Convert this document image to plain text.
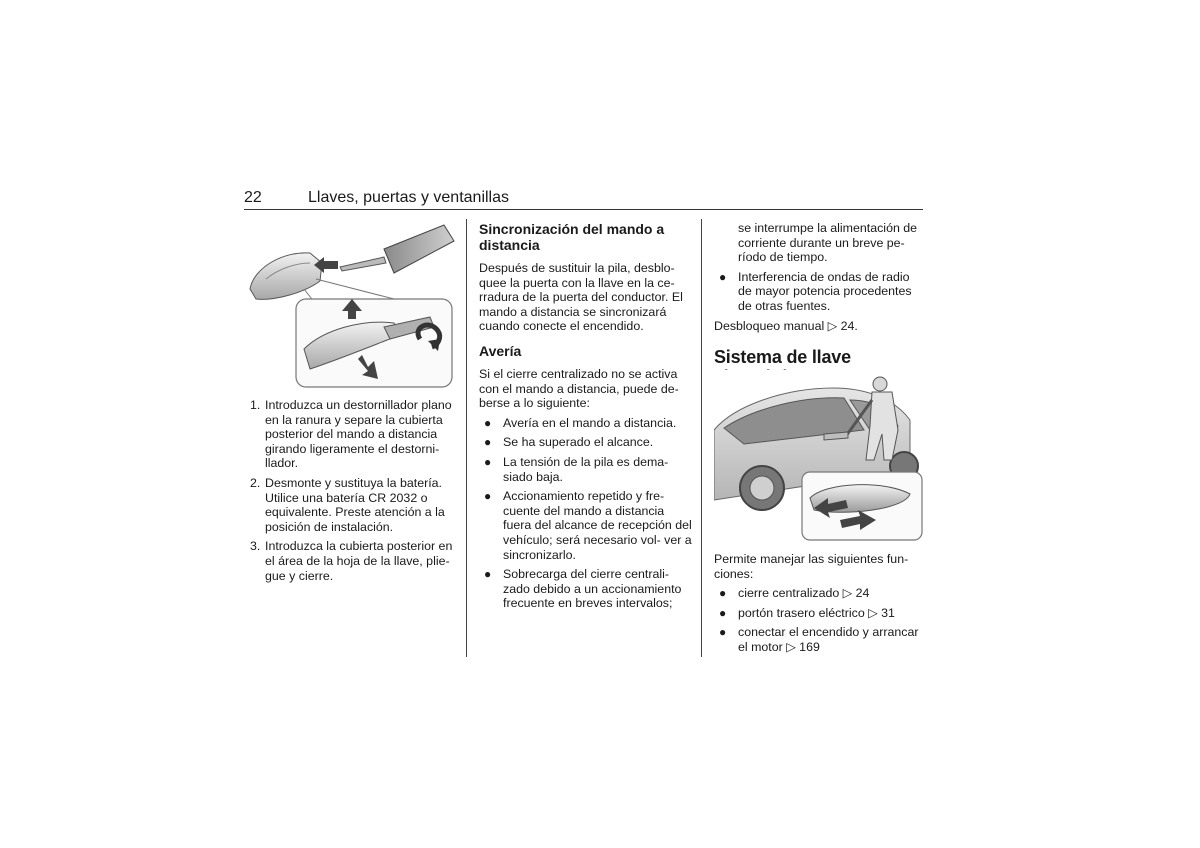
22	Llaves, puertas y ventanillas
1. Introduzca un destornillador plano en la ranura y separe la cubierta posterior del mando a distancia girando ligeramente el destorni- llador.
2. Desmonte y sustituya la batería. Utilice una batería CR 2032 o equivalente. Preste atención a la posición de instalación.
3. Introduzca la cubierta posterior en el área de la hoja de la llave, plie- gue y cierre.
Sincronización del mando a distancia

Después de sustituir la pila, desblo- quee la puerta con la llave en la ce- rradura de la puerta del conductor. El mando a distancia se sincronizará cuando conecte el encendido.

Avería

Si el cierre centralizado no se activa con el mando a distancia, puede de- berse a lo siguiente:

● Avería en el mando a distancia.
● Se ha superado el alcance.
● La tensión de la pila es dema- siado baja.
● Accionamiento repetido y fre- cuente del mando a distancia fuera del alcance de recepción del vehículo; será necesario vol- ver a sincronizarlo.
● Sobrecarga del cierre centrali- zado debido a un accionamiento frecuente en breves intervalos;

se interrumpe la alimentación de corriente durante un breve pe- ríodo de tiempo.

● Interferencia de ondas de radio de mayor potencia procedentes de otras fuentes.

Desbloqueo manual ▷ 24.

Sistema de llave

Permite manejar las siguientes fun- ciones:

● cierre centralizado ▷ 24
● portón trasero eléctrico ▷ 31
● conectar el encendido y arrancar el motor ▷ 169
